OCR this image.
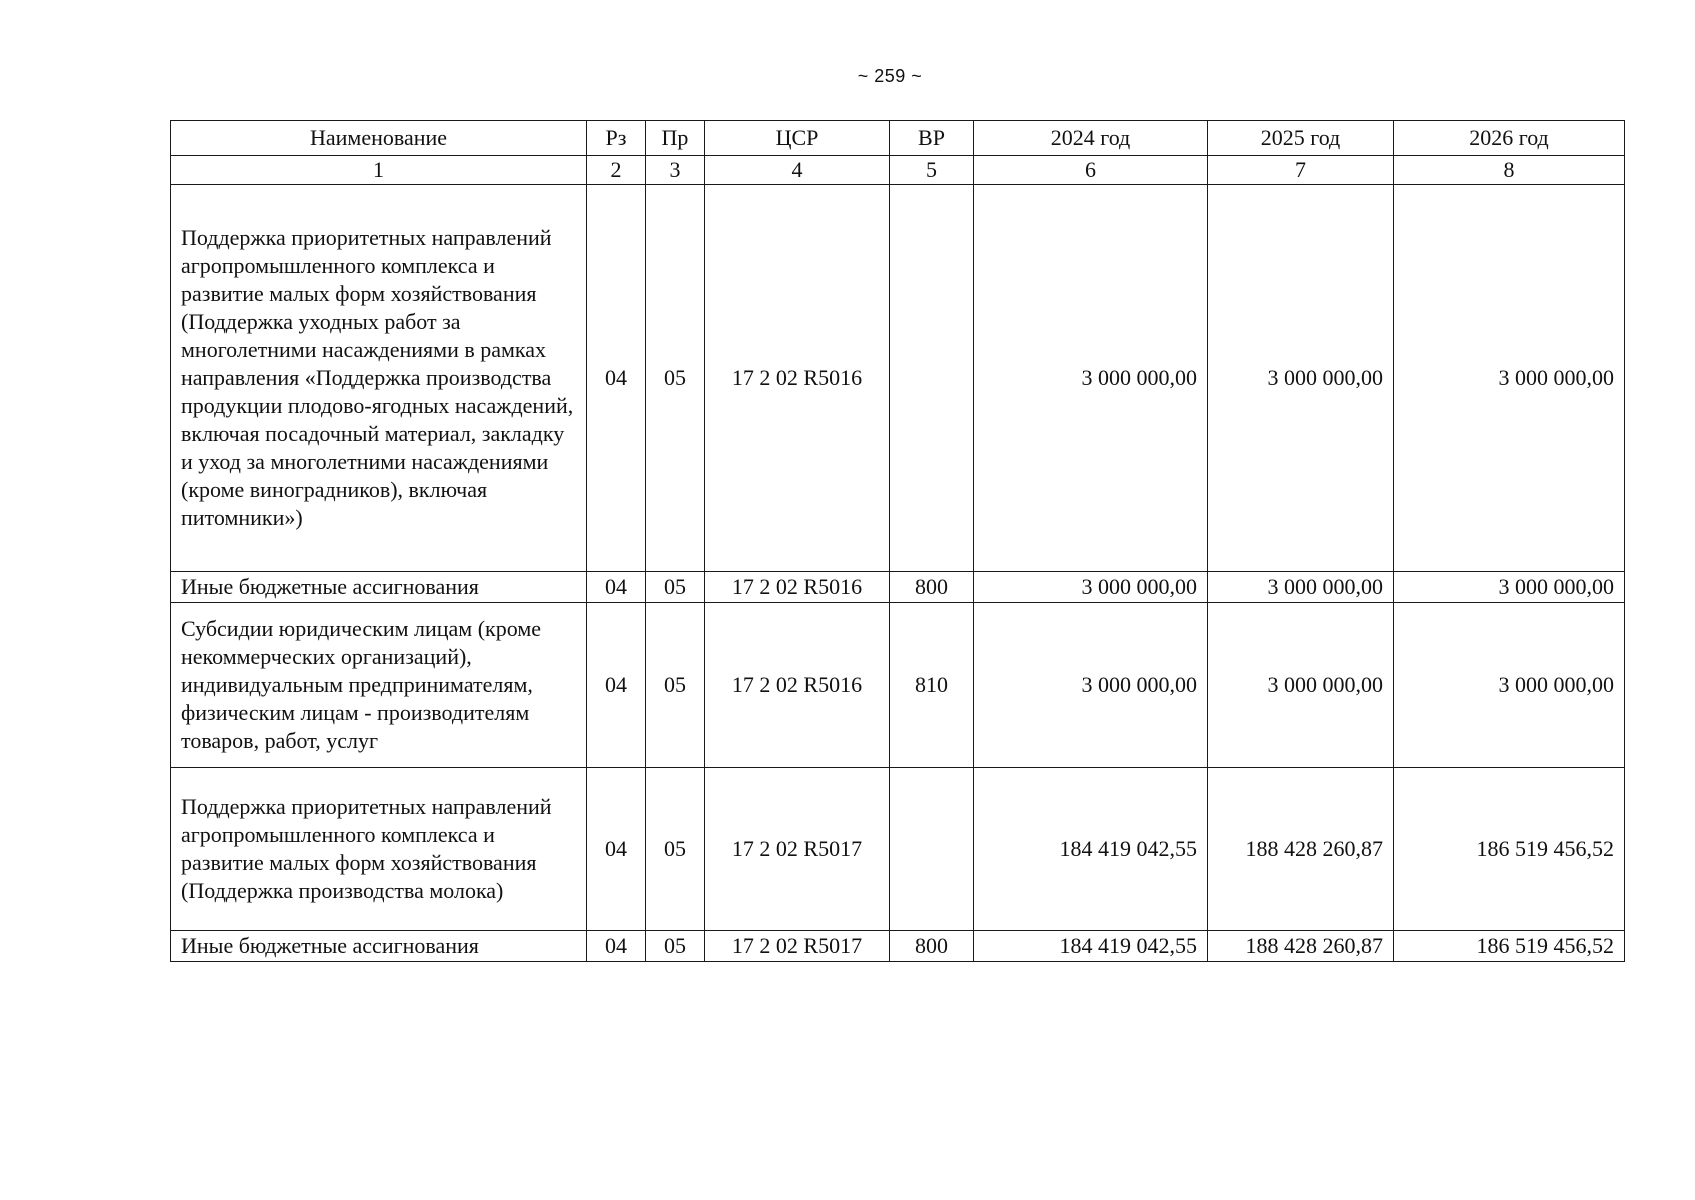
~ 259 ~
Наименование	Рз	Пр	ЦСР	ВР	2024 год	2025 год	2026 год
1	2	3	4	5	6	7	8
Поддержка приоритетных направлений агропромышленного комплекса и развитие малых форм хозяйствования (Поддержка уходных работ за многолетними насаждениями в рамках направления «Поддержка производства продукции плодово-ягодных насаждений, включая посадочный материал, закладку и уход за многолетними насаждениями (кроме виноградников), включая питомники»)	04	05	17 2 02 R5016		3 000 000,00	3 000 000,00	3 000 000,00
Иные бюджетные ассигнования	04	05	17 2 02 R5016	800	3 000 000,00	3 000 000,00	3 000 000,00
Субсидии юридическим лицам (кроме некоммерческих организаций), индивидуальным предпринимателям, физическим лицам - производителям товаров, работ, услуг	04	05	17 2 02 R5016	810	3 000 000,00	3 000 000,00	3 000 000,00
Поддержка приоритетных направлений агропромышленного комплекса и развитие малых форм хозяйствования (Поддержка производства молока)	04	05	17 2 02 R5017		184 419 042,55	188 428 260,87	186 519 456,52
Иные бюджетные ассигнования	04	05	17 2 02 R5017	800	184 419 042,55	188 428 260,87	186 519 456,52
